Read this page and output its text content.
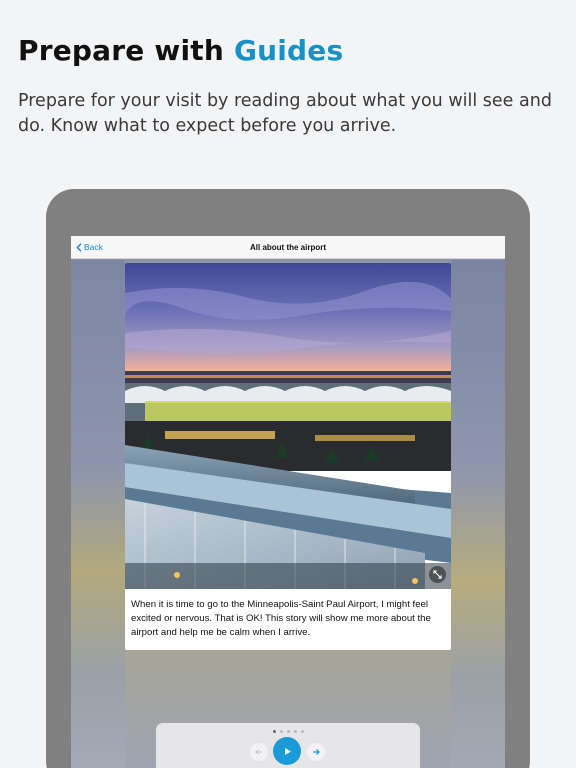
Prepare with Guides
Prepare for your visit by reading about what you will see and do. Know what to expect before you arrive.
Back	All about the airport
When it is time to go to the Minneapolis-Saint Paul Airport, I might feel excited or nervous. That is OK! This story will show me more about the airport and help me be calm when I arrive.
